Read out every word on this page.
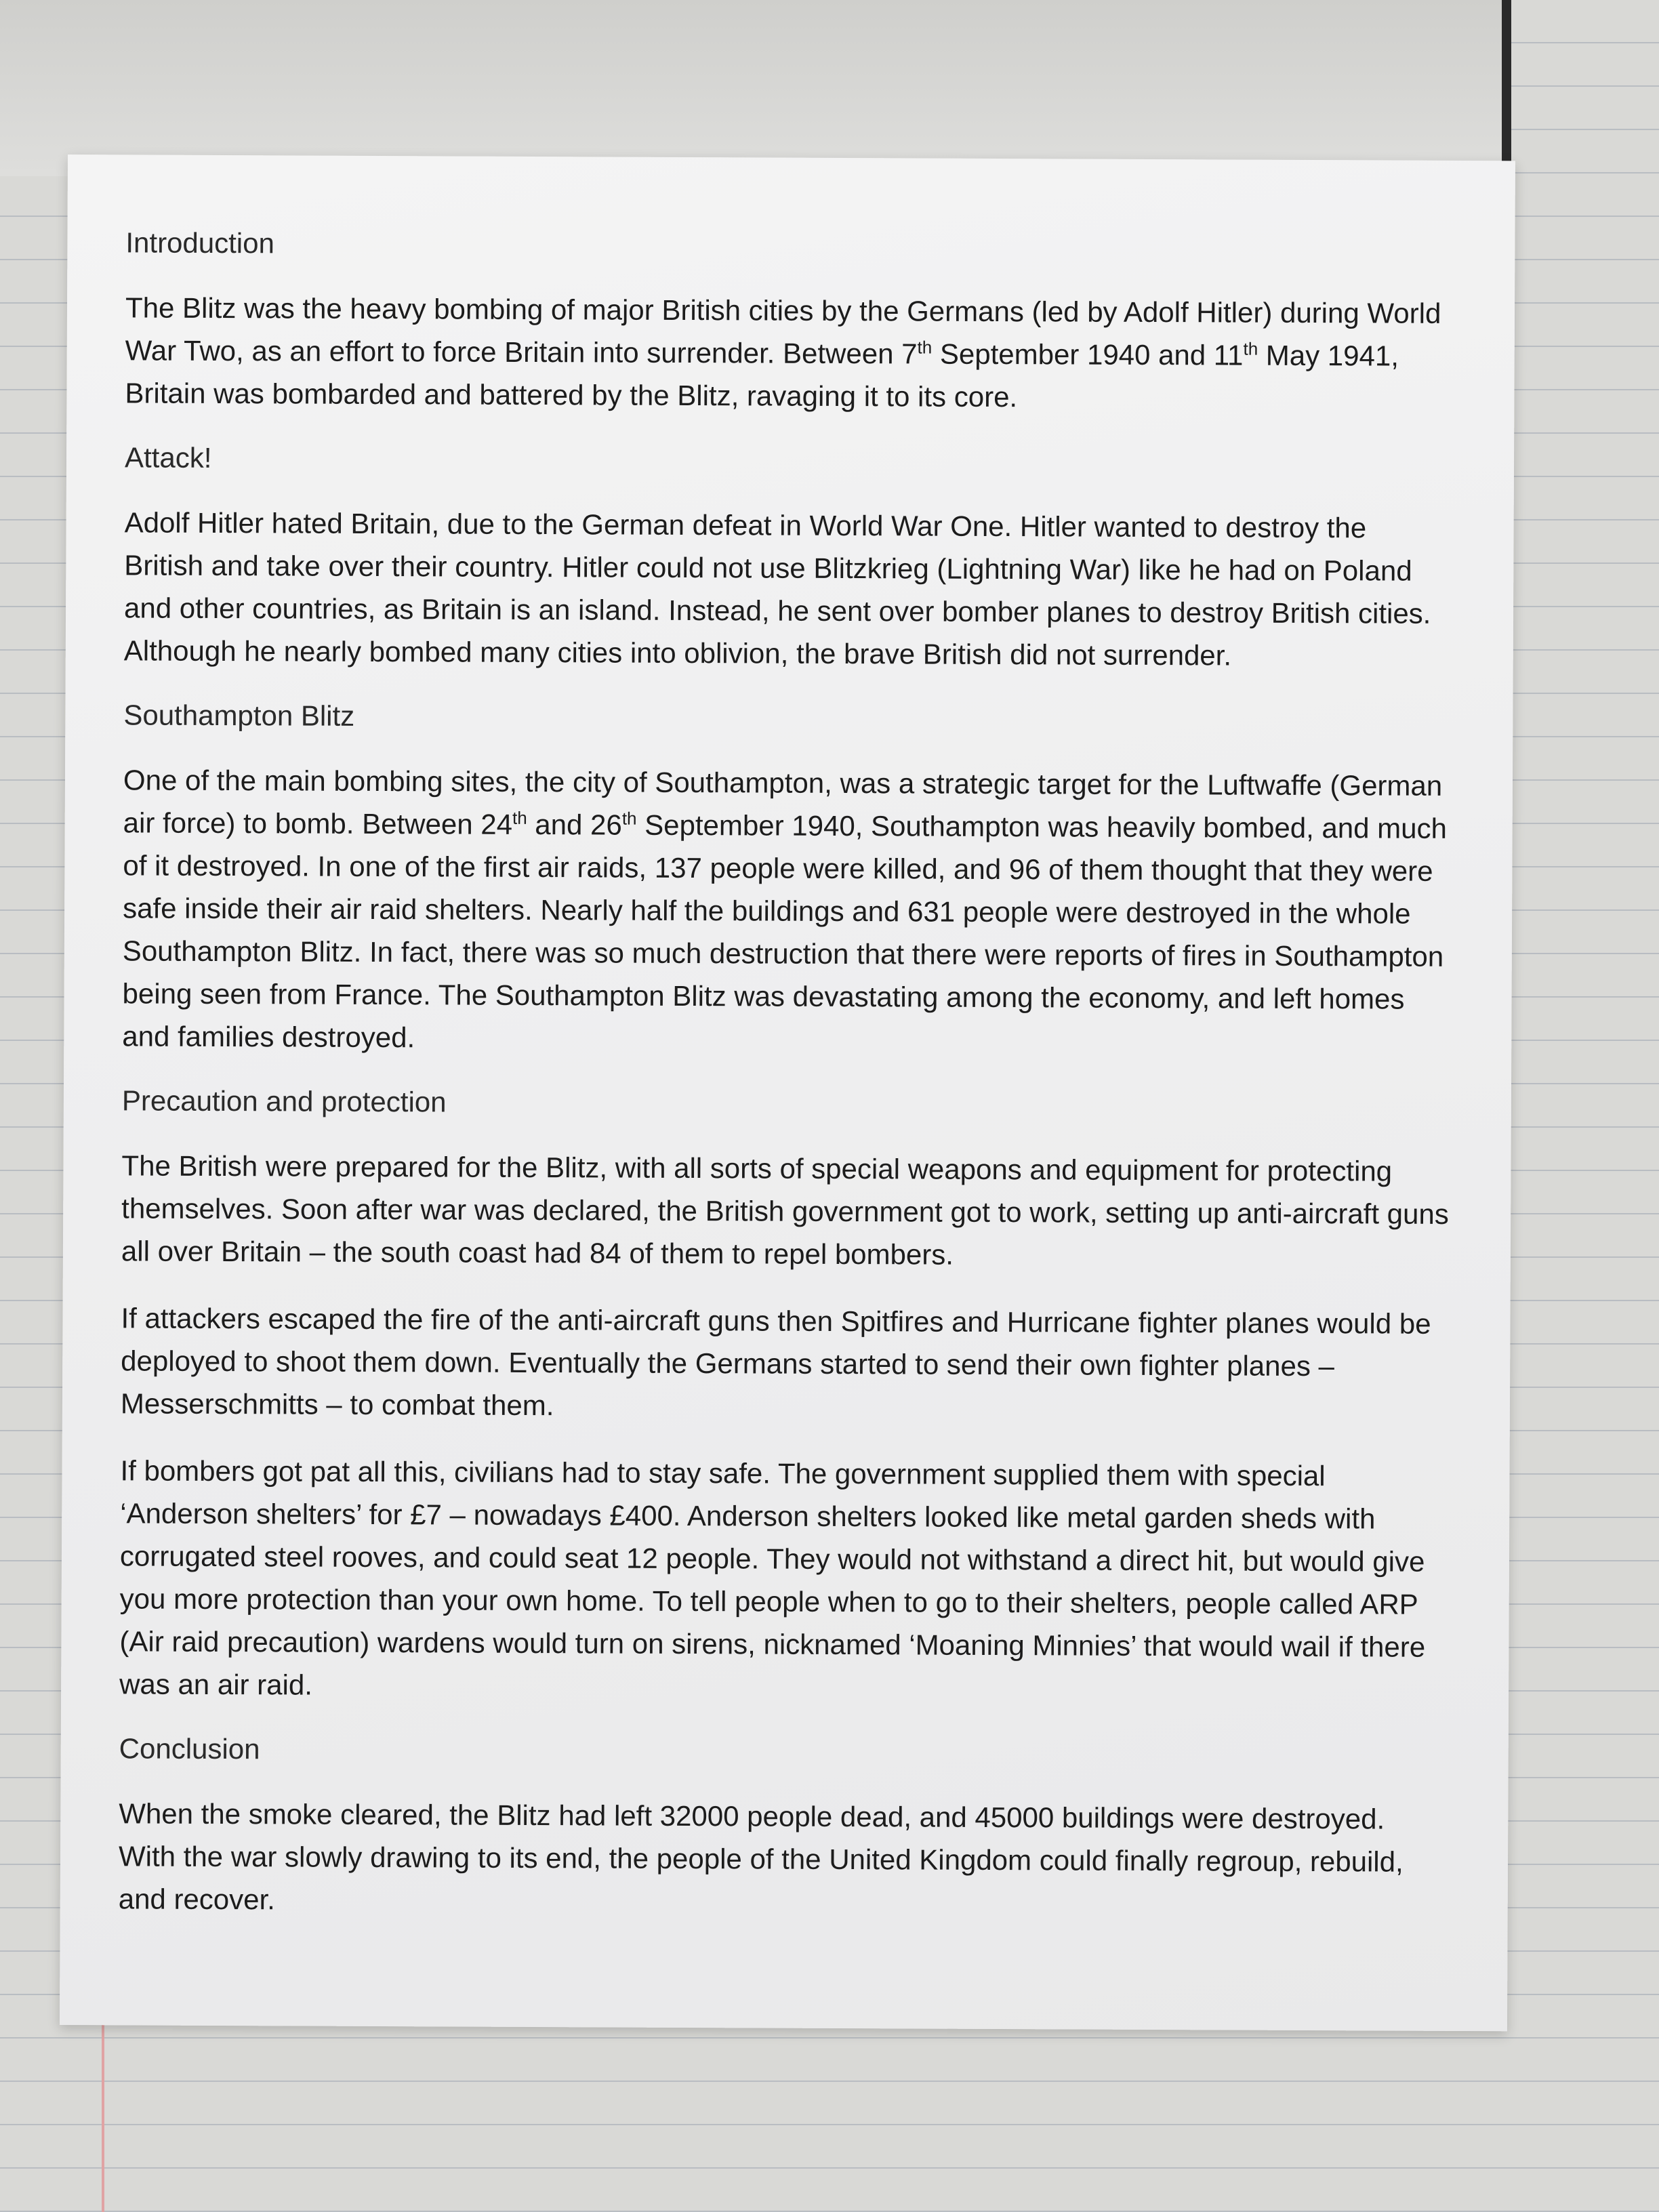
Introduction
The Blitz was the heavy bombing of major British cities by the Germans (led by Adolf Hitler) during World War Two, as an effort to force Britain into surrender. Between 7th September 1940 and 11th May 1941, Britain was bombarded and battered by the Blitz, ravaging it to its core.
Attack!
Adolf Hitler hated Britain, due to the German defeat in World War One. Hitler wanted to destroy the British and take over their country. Hitler could not use Blitzkrieg (Lightning War) like he had on Poland and other countries, as Britain is an island. Instead, he sent over bomber planes to destroy British cities. Although he nearly bombed many cities into oblivion, the brave British did not surrender.
Southampton Blitz
One of the main bombing sites, the city of Southampton, was a strategic target for the Luftwaffe (German air force) to bomb. Between 24th and 26th September 1940, Southampton was heavily bombed, and much of it destroyed. In one of the first air raids, 137 people were killed, and 96 of them thought that they were safe inside their air raid shelters. Nearly half the buildings and 631 people were destroyed in the whole Southampton Blitz. In fact, there was so much destruction that there were reports of fires in Southampton being seen from France. The Southampton Blitz was devastating among the economy, and left homes and families destroyed.
Precaution and protection
The British were prepared for the Blitz, with all sorts of special weapons and equipment for protecting themselves. Soon after war was declared, the British government got to work, setting up anti-aircraft guns all over Britain – the south coast had 84 of them to repel bombers.
If attackers escaped the fire of the anti-aircraft guns then Spitfires and Hurricane fighter planes would be deployed to shoot them down. Eventually the Germans started to send their own fighter planes – Messerschmitts – to combat them.
If bombers got pat all this, civilians had to stay safe. The government supplied them with special ‘Anderson shelters’ for £7 – nowadays £400. Anderson shelters looked like metal garden sheds with corrugated steel rooves, and could seat 12 people. They would not withstand a direct hit, but would give you more protection than your own home. To tell people when to go to their shelters, people called ARP (Air raid precaution) wardens would turn on sirens, nicknamed ‘Moaning Minnies’ that would wail if there was an air raid.
Conclusion
When the smoke cleared, the Blitz had left 32000 people dead, and 45000 buildings were destroyed. With the war slowly drawing to its end, the people of the United Kingdom could finally regroup, rebuild, and recover.
